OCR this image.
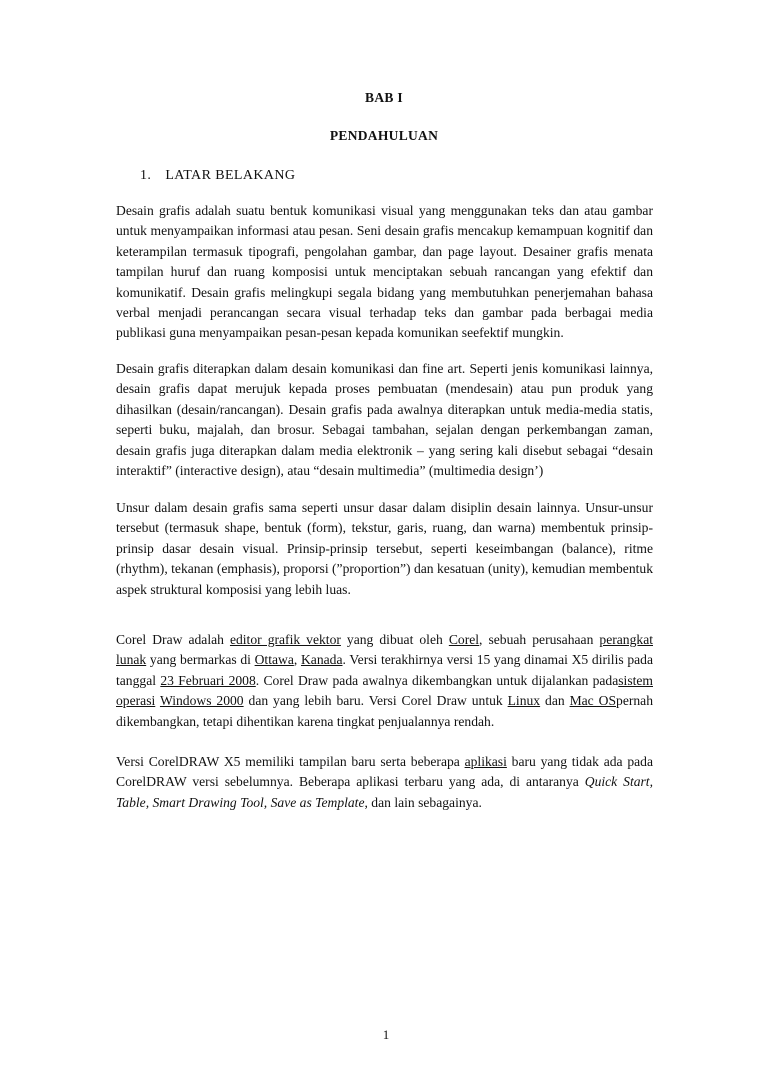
BAB I
PENDAHULUAN
1. LATAR BELAKANG

Desain grafis adalah suatu bentuk komunikasi visual yang menggunakan teks dan atau gambar untuk menyampaikan informasi atau pesan. Seni desain grafis mencakup kemampuan kognitif dan keterampilan termasuk tipografi, pengolahan gambar, dan page layout. Desainer grafis menata tampilan huruf dan ruang komposisi untuk menciptakan sebuah rancangan yang efektif dan komunikatif. Desain grafis melingkupi segala bidang yang membutuhkan penerjemahan bahasa verbal menjadi perancangan secara visual terhadap teks dan gambar pada berbagai media publikasi guna menyampaikan pesan-pesan kepada komunikan seefektif mungkin.

Desain grafis diterapkan dalam desain komunikasi dan fine art. Seperti jenis komunikasi lainnya, desain grafis dapat merujuk kepada proses pembuatan (mendesain) atau pun produk yang dihasilkan (desain/rancangan). Desain grafis pada awalnya diterapkan untuk media-media statis, seperti buku, majalah, dan brosur. Sebagai tambahan, sejalan dengan perkembangan zaman, desain grafis juga diterapkan dalam media elektronik – yang sering kali disebut sebagai “desain interaktif” (interactive design), atau “desain multimedia” (multimedia design’)

Unsur dalam desain grafis sama seperti unsur dasar dalam disiplin desain lainnya. Unsur-unsur tersebut (termasuk shape, bentuk (form), tekstur, garis, ruang, dan warna) membentuk prinsip-prinsip dasar desain visual. Prinsip-prinsip tersebut, seperti keseimbangan (balance), ritme (rhythm), tekanan (emphasis), proporsi (”proportion”) dan kesatuan (unity), kemudian membentuk aspek struktural komposisi yang lebih luas.

Corel Draw adalah editor grafik vektor yang dibuat oleh Corel, sebuah perusahaan perangkat lunak yang bermarkas di Ottawa, Kanada. Versi terakhirnya versi 15 yang dinamai X5 dirilis pada tanggal 23 Februari 2008. Corel Draw pada awalnya dikembangkan untuk dijalankan padasistem operasi Windows 2000 dan yang lebih baru. Versi Corel Draw untuk Linux dan Mac OSpernah dikembangkan, tetapi dihentikan karena tingkat penjualannya rendah.

Versi CorelDRAW X5 memiliki tampilan baru serta beberapa aplikasi baru yang tidak ada pada CorelDRAW versi sebelumnya. Beberapa aplikasi terbaru yang ada, di antaranya Quick Start, Table, Smart Drawing Tool, Save as Template, dan lain sebagainya.

1
